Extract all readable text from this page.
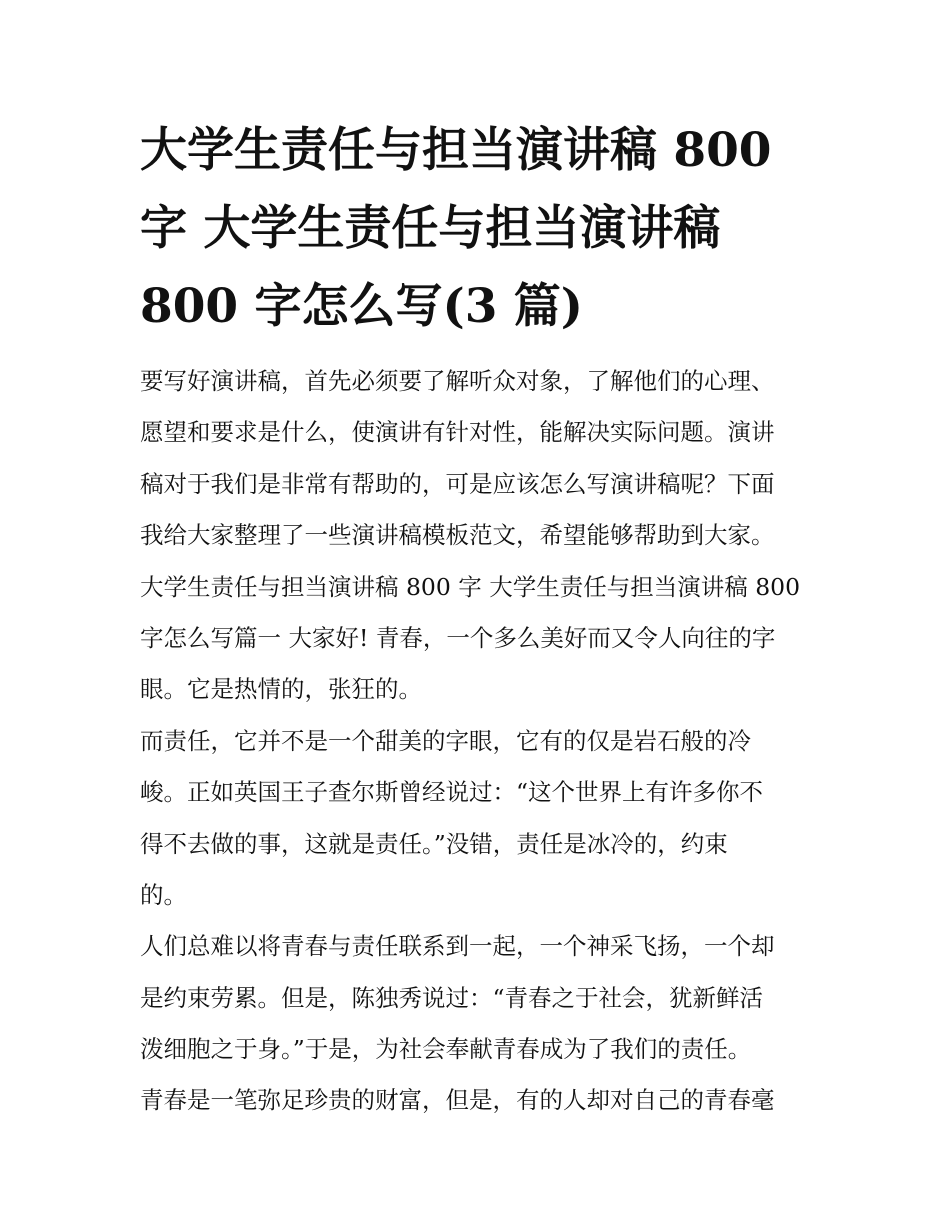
大学生责任与担当演讲稿 800
字 大学生责任与担当演讲稿
800 字怎么写(3 篇)
要写好演讲稿，首先必须要了解听众对象，了解他们的心理、
愿望和要求是什么，使演讲有针对性，能解决实际问题。演讲
稿对于我们是非常有帮助的，可是应该怎么写演讲稿呢？下面
我给大家整理了一些演讲稿模板范文，希望能够帮助到大家。
大学生责任与担当演讲稿 800 字 大学生责任与担当演讲稿 800
字怎么写篇一 大家好! 青春，一个多么美好而又令人向往的字
眼。它是热情的，张狂的。
而责任，它并不是一个甜美的字眼，它有的仅是岩石般的冷
峻。正如英国王子查尔斯曾经说过：“这个世界上有许多你不
得不去做的事，这就是责任。”没错，责任是冰冷的，约束
的。
人们总难以将青春与责任联系到一起，一个神采飞扬，一个却
是约束劳累。但是，陈独秀说过：“青春之于社会，犹新鲜活
泼细胞之于身。”于是，为社会奉献青春成为了我们的责任。
青春是一笔弥足珍贵的财富，但是，有的人却对自己的青春毫
